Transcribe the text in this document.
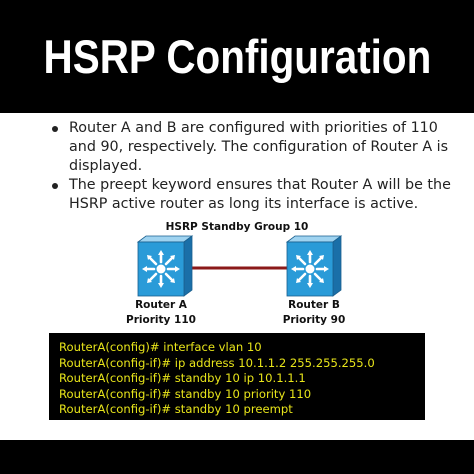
HSRP Configuration
Router A and B are configured with priorities of 110 and 90, respectively. The configuration of Router A is displayed.
The preept keyword ensures that Router A will be the HSRP active router as long its interface is active.
HSRP Standby Group 10
Router A
Priority 110
Router B
Priority 90
RouterA(config)# interface vlan 10
RouterA(config-if)# ip address 10.1.1.2 255.255.255.0
RouterA(config-if)# standby 10 ip 10.1.1.1
RouterA(config-if)# standby 10 priority 110
RouterA(config-if)# standby 10 preempt
